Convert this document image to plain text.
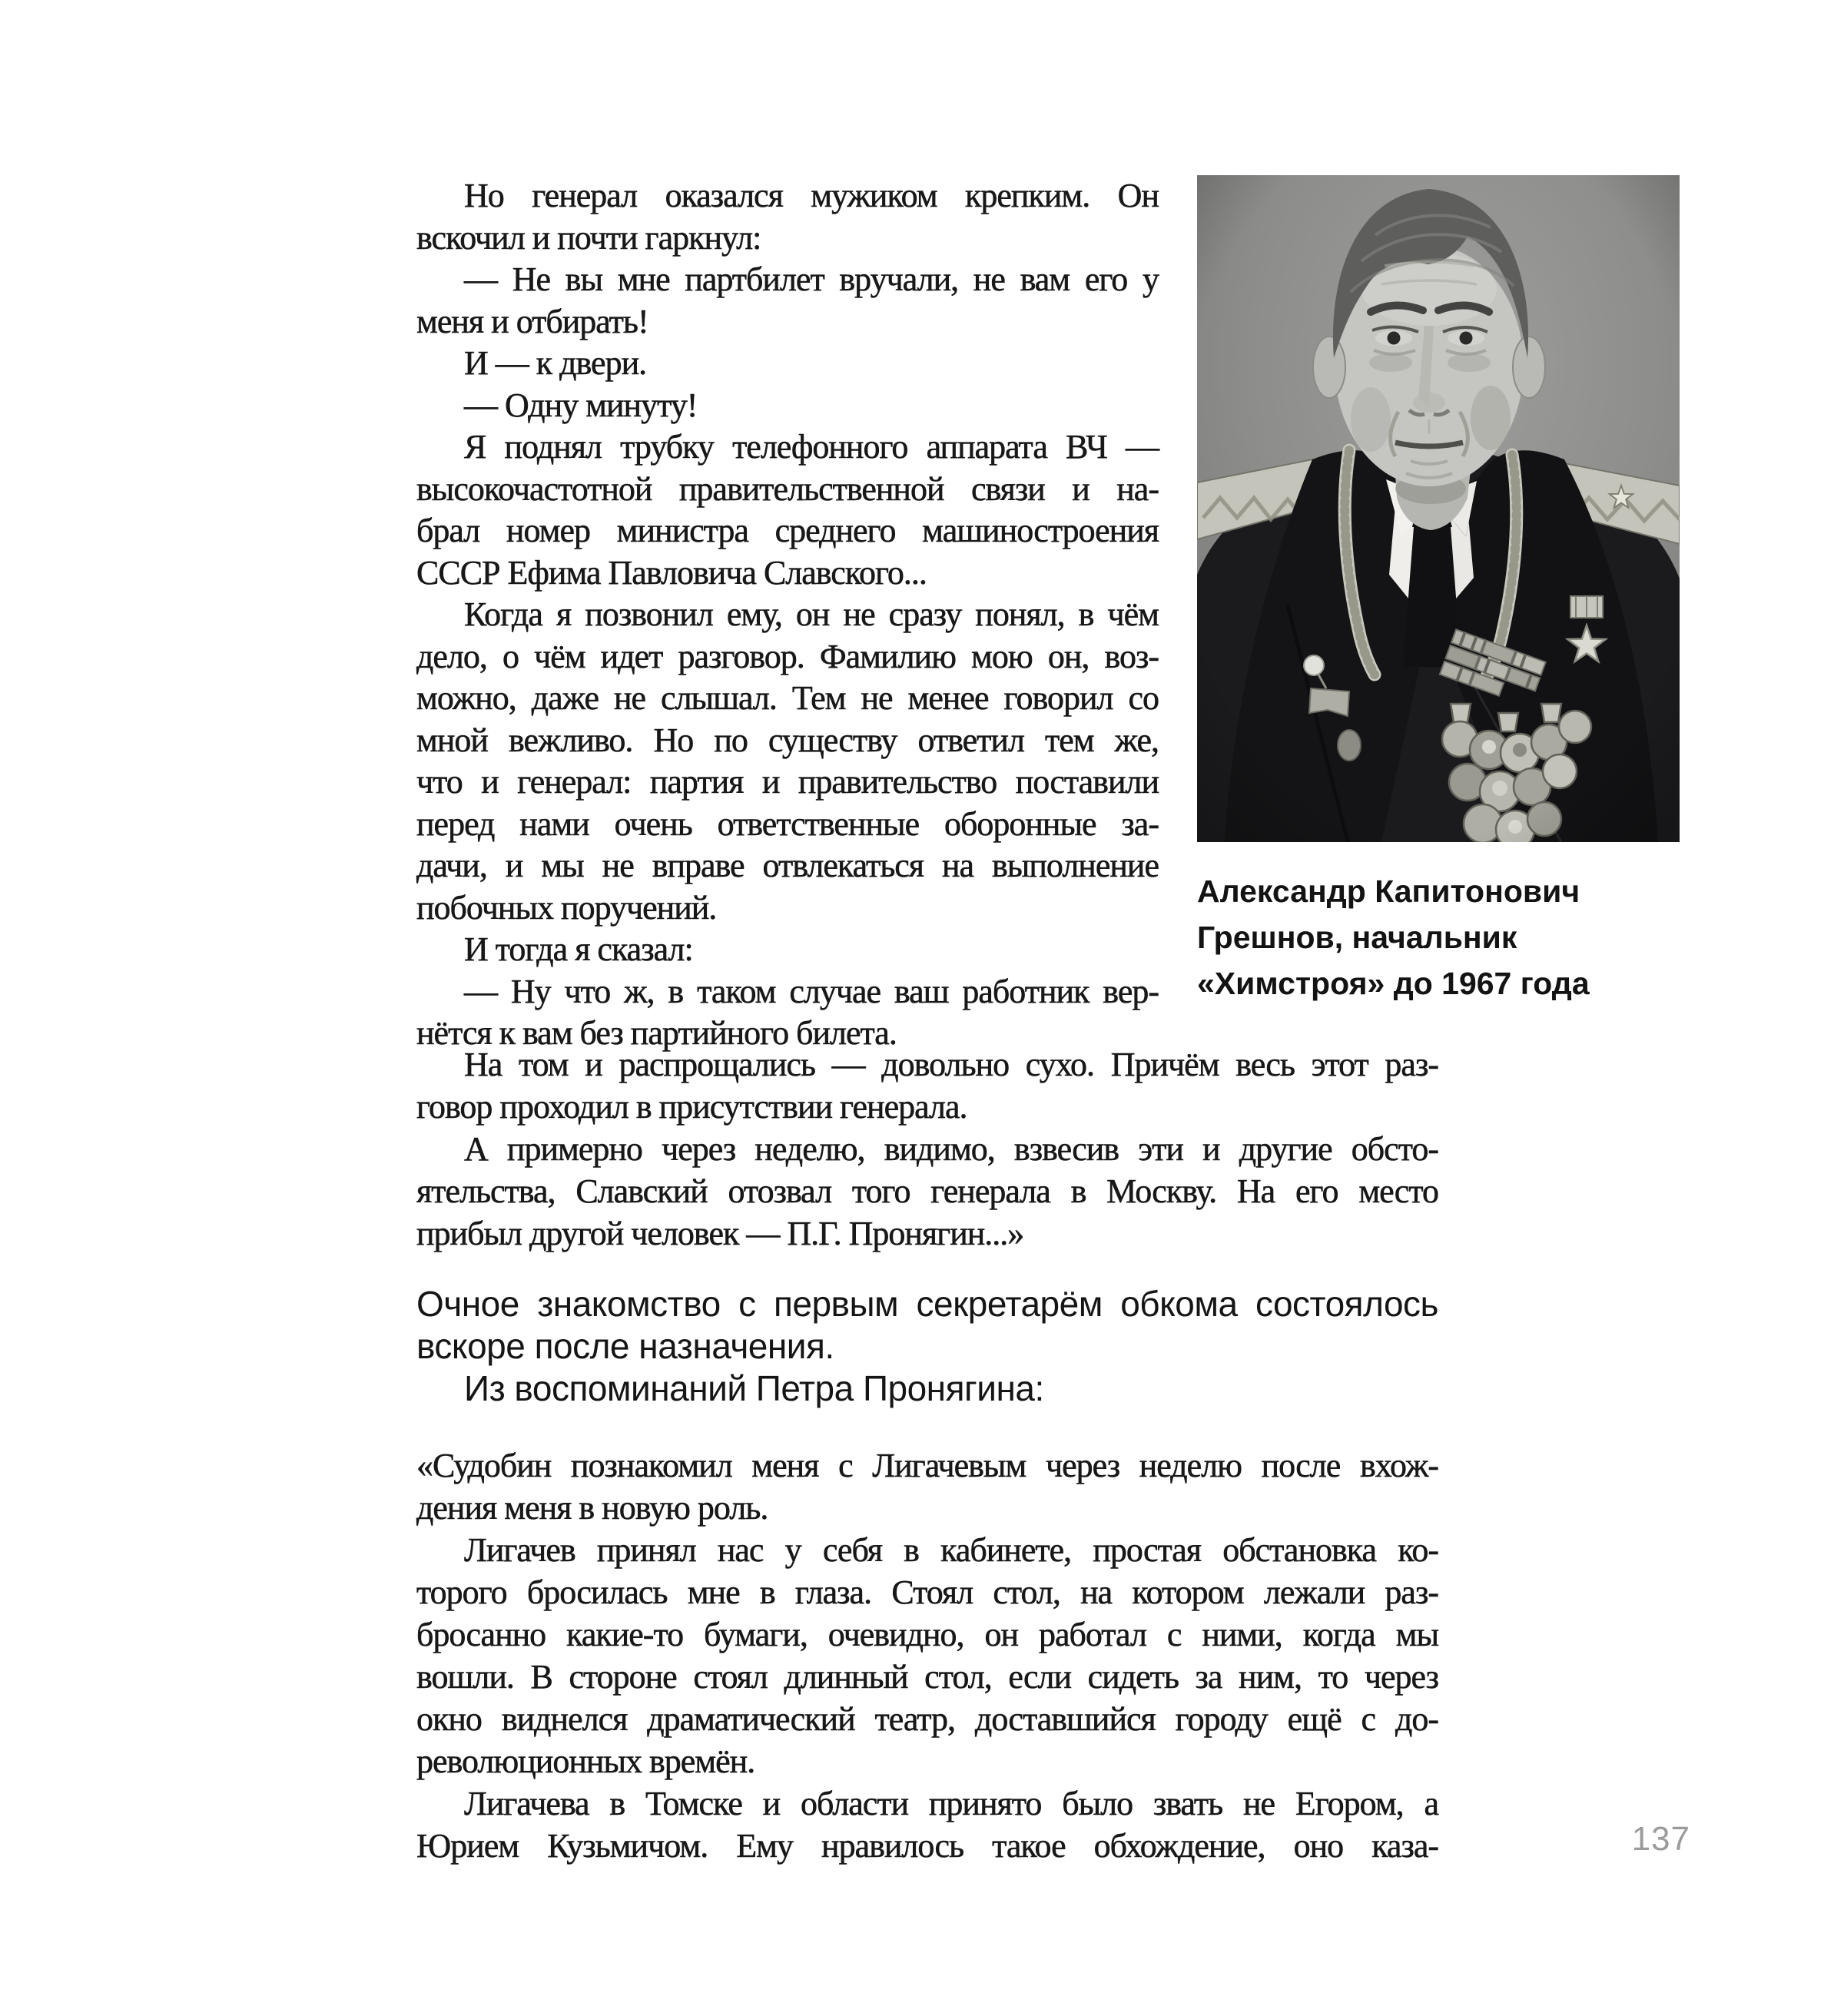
Но генерал оказался мужиком крепким. Он
вскочил и почти гаркнул:
— Не вы мне партбилет вручали, не вам его у
меня и отбирать!
И — к двери.
— Одну минуту!
Я поднял трубку телефонного аппарата ВЧ —
высокочастотной правительственной связи и на-
брал номер министра среднего машиностроения
СССР Ефима Павловича Славского...
Когда я позвонил ему, он не сразу понял, в чём
дело, о чём идет разговор. Фамилию мою он, воз-
можно, даже не слышал. Тем не менее говорил со
мной вежливо. Но по существу ответил тем же,
что и генерал: партия и правительство поставили
перед нами очень ответственные оборонные за-
дачи, и мы не вправе отвлекаться на выполнение
побочных поручений.
И тогда я сказал:
— Ну что ж, в таком случае ваш работник вер-
нётся к вам без партийного билета.
Александр Капитонович
Грешнов, начальник
«Химстроя» до 1967 года
На том и распрощались — довольно сухо. Причём весь этот раз-
говор проходил в присутствии генерала.
А примерно через неделю, видимо, взвесив эти и другие обсто-
ятельства, Славский отозвал того генерала в Москву. На его место
прибыл другой человек — П.Г. Пронягин...»
Очное знакомство с первым секретарём обкома состоялось
вскоре после назначения.
Из воспоминаний Петра Пронягина:
«Судобин познакомил меня с Лигачевым через неделю после вхож-
дения меня в новую роль.
Лигачев принял нас у себя в кабинете, простая обстановка ко-
торого бросилась мне в глаза. Стоял стол, на котором лежали раз-
бросанно какие-то бумаги, очевидно, он работал с ними, когда мы
вошли. В стороне стоял длинный стол, если сидеть за ним, то через
окно виднелся драматический театр, доставшийся городу ещё с до-
революционных времён.
Лигачева в Томске и области принято было звать не Егором, а
Юрием Кузьмичом. Ему нравилось такое обхождение, оно каза-	137
